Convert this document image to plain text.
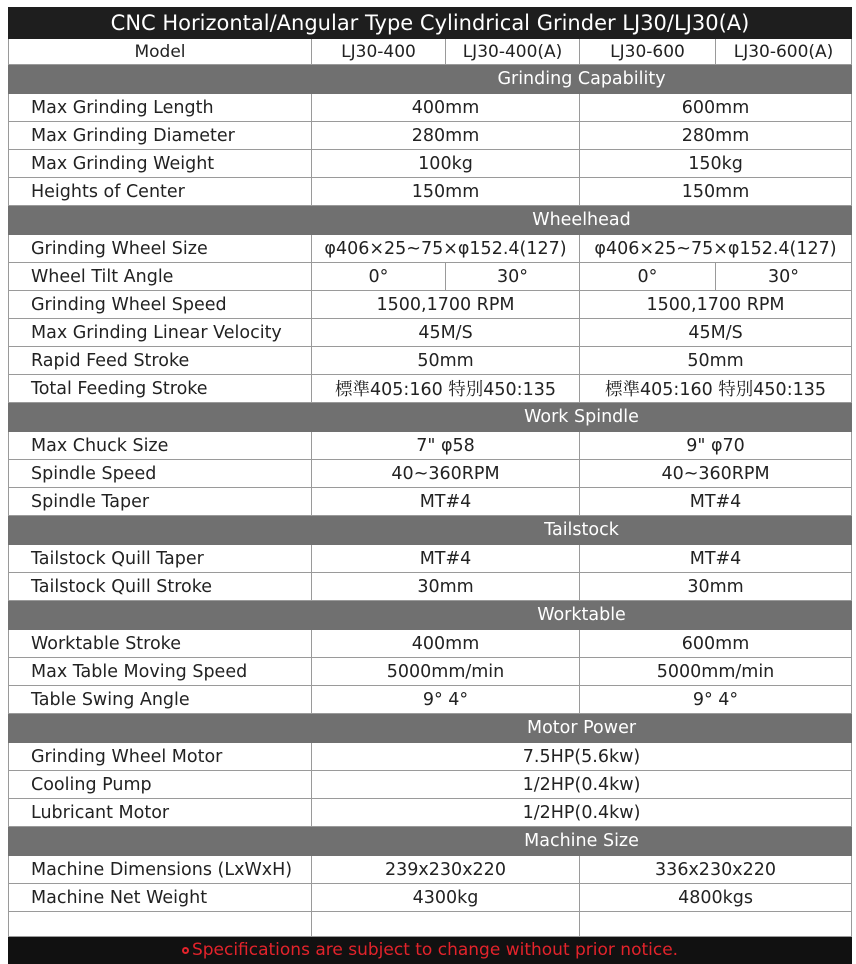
CNC Horizontal/Angular Type Cylindrical Grinder LJ30/LJ30(A)				
Model	LJ30-400	LJ30-400(A)	LJ30-600	LJ30-600(A)
	Grinding Capability			
Max Grinding Length	400mm		600mm	
Max Grinding Diameter	280mm		280mm	
Max Grinding Weight	100kg		150kg	
Heights of Center	150mm		150mm	
	Wheelhead			
Grinding Wheel Size	φ406×25~75×φ152.4(127)		φ406×25~75×φ152.4(127)	
Wheel Tilt Angle	0°	30°	0°	30°
Grinding Wheel Speed	1500,1700 RPM		1500,1700 RPM	
Max Grinding Linear Velocity	45M/S		45M/S	
Rapid Feed Stroke	50mm		50mm	
Total Feeding Stroke	標準405:160 特別450:135		標準405:160 特別450:135	
	Work Spindle			
Max Chuck Size	7" φ58		9" φ70	
Spindle Speed	40~360RPM		40~360RPM	
Spindle Taper	MT#4		MT#4	
	Tailstock			
Tailstock Quill Taper	MT#4		MT#4	
Tailstock Quill Stroke	30mm		30mm	
	Worktable			
Worktable Stroke	400mm		600mm	
Max Table Moving Speed	5000mm/min		5000mm/min	
Table Swing Angle	9° 4°		9° 4°	
	Motor Power			
Grinding Wheel Motor	7.5HP(5.6kw)			
Cooling Pump	1/2HP(0.4kw)			
Lubricant Motor	1/2HP(0.4kw)			
	Machine Size			
Machine Dimensions (LxWxH)	239x230x220		336x230x220	
Machine Net Weight	4300kg		4800kgs	

Specifications are subject to change without prior notice.				
